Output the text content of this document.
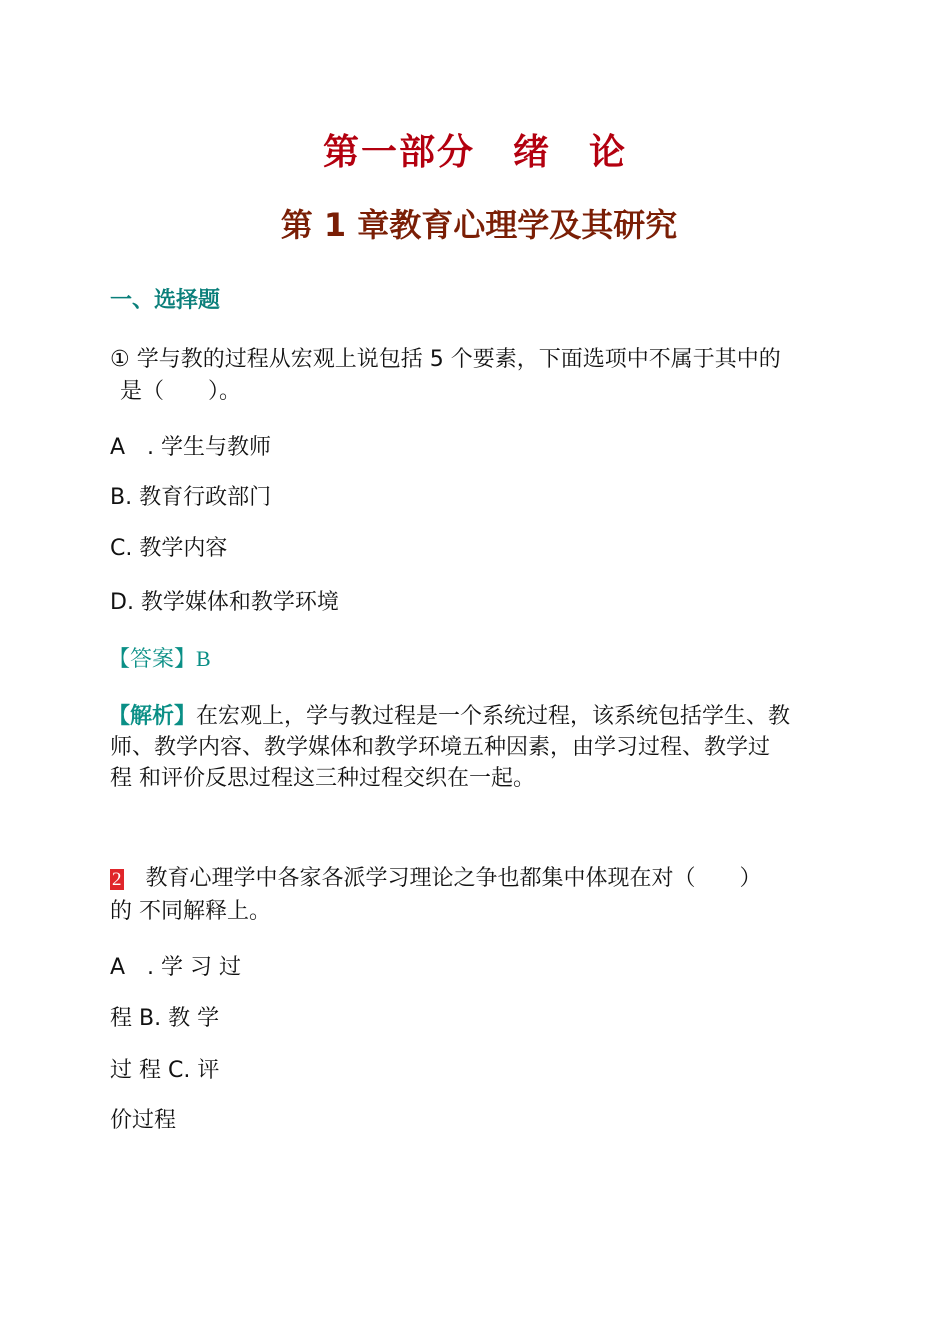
第一部分　绪　论
第 1 章教育心理学及其研究
一、选择题
① 学与教的过程从宏观上说包括 5 个要素，下面选项中不属于其中的
是（　　）。
A　. 学生与教师
B. 教育行政部门
C. 教学内容
D. 教学媒体和教学环境
【答案】B
【解析】在宏观上，学与教过程是一个系统过程，该系统包括学生、教
师、教学内容、教学媒体和教学环境五种因素，由学习过程、教学过
程 和评价反思过程这三种过程交织在一起。
2 教育心理学中各家各派学习理论之争也都集中体现在对（　　）
的 不同解释上。
A　. 学 习 过
程 B. 教 学
过 程 C. 评
价过程
